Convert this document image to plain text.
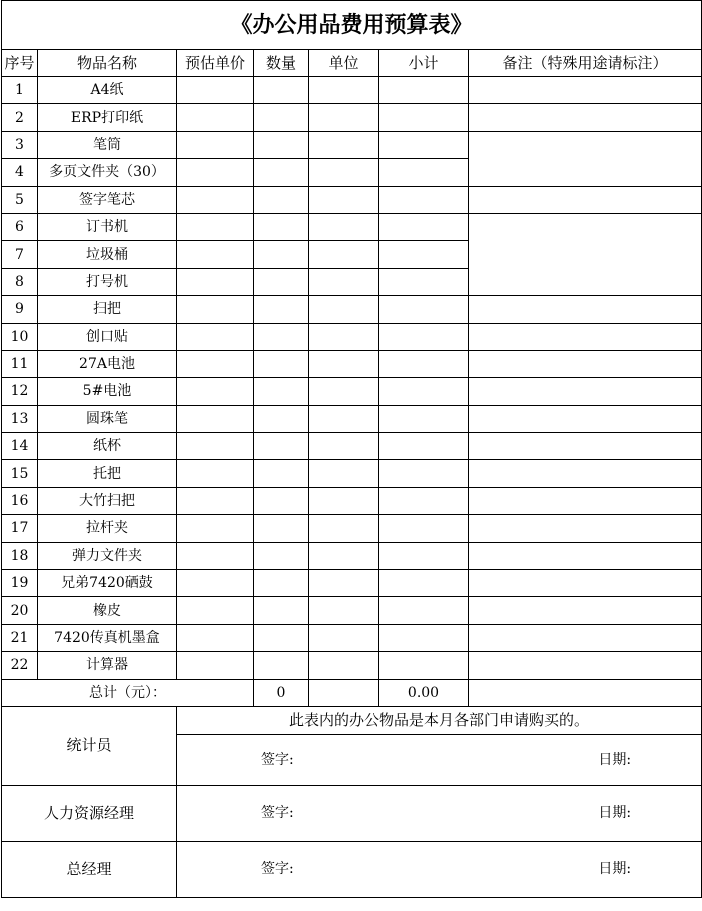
《办公用品费用预算表》						
序号	物品名称	预估单价	数量	单位	小计	备注（特殊用途请标注）
1	A4纸					
2	ERP打印纸					
3	笔筒					
4	多页文件夹（30）					
5	签字笔芯					
6	订书机					
7	垃圾桶					
8	打号机					
9	扫把					
10	创口贴					
11	27A电池					
12	5#电池					
13	圆珠笔					
14	纸杯					
15	托把					
16	大竹扫把					
17	拉杆夹					
18	弹力文件夹					
19	兄弟7420硒鼓					
20	橡皮					
21	7420传真机墨盒					
22	计算器					
总计（元）：			0		0.00	
统计员		此表内的办公物品是本月各部门申请购买的。				

		签字: 日期:				

人力资源经理		签字: 日期:				

总经理		签字: 日期:				
